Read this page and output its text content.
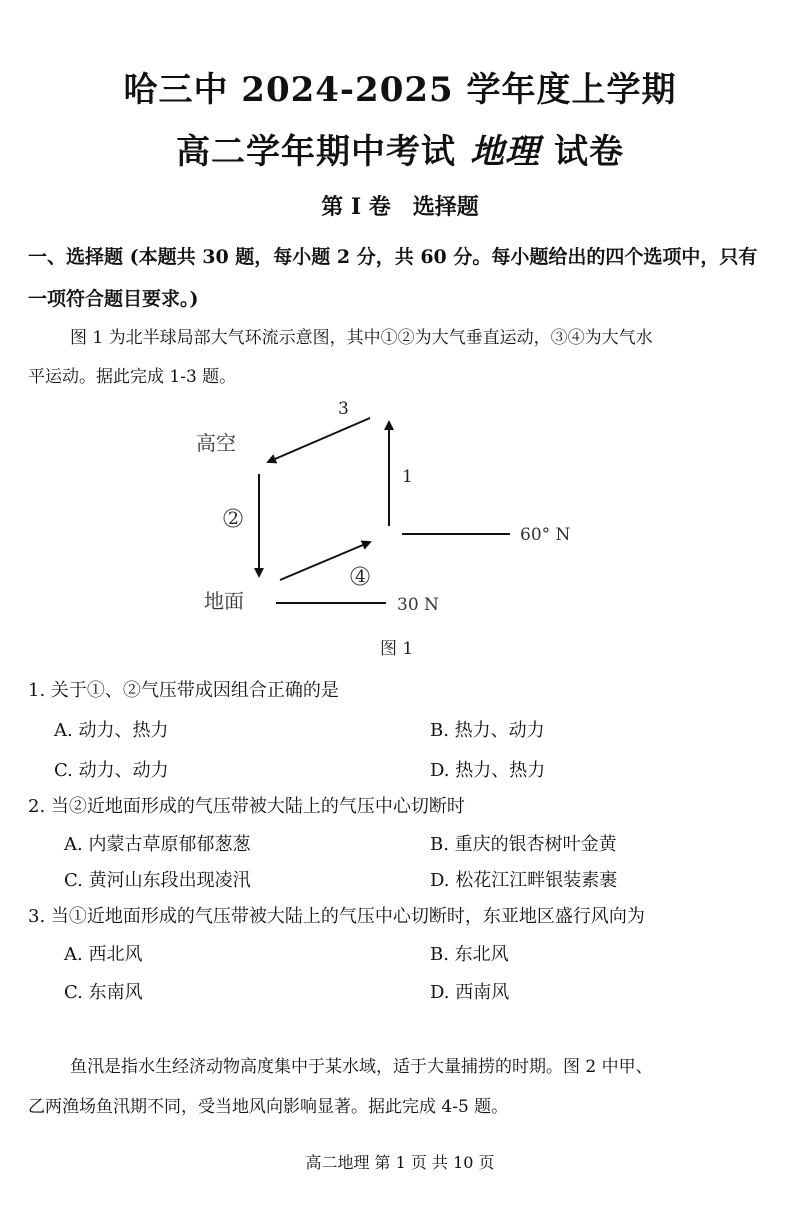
哈三中 2024-2025 学年度上学期
高二学年期中考试 地理 试卷
第 I 卷　选择题
一、选择题 (本题共 30 题，每小题 2 分，共 60 分。每小题给出的四个选项中，只有
一项符合题目要求。)
图 1 为北半球局部大气环流示意图，其中①②为大气垂直运动，③④为大气水
平运动。据此完成 1-3 题。
高空
地面
1
2
3
4
60° N
30 N
图 1
1. 关于①、②气压带成因组合正确的是
A. 动力、热力	B. 热力、动力
C. 动力、动力	D. 热力、热力
2. 当②近地面形成的气压带被大陆上的气压中心切断时
A. 内蒙古草原郁郁葱葱	B. 重庆的银杏树叶金黄
C. 黄河山东段出现凌汛	D. 松花江江畔银装素裹
3. 当①近地面形成的气压带被大陆上的气压中心切断时，东亚地区盛行风向为
A. 西北风	B. 东北风
C. 东南风	D. 西南风
鱼汛是指水生经济动物高度集中于某水域，适于大量捕捞的时期。图 2 中甲、
乙两渔场鱼汛期不同，受当地风向影响显著。据此完成 4-5 题。
高二地理 第 1 页 共 10 页
